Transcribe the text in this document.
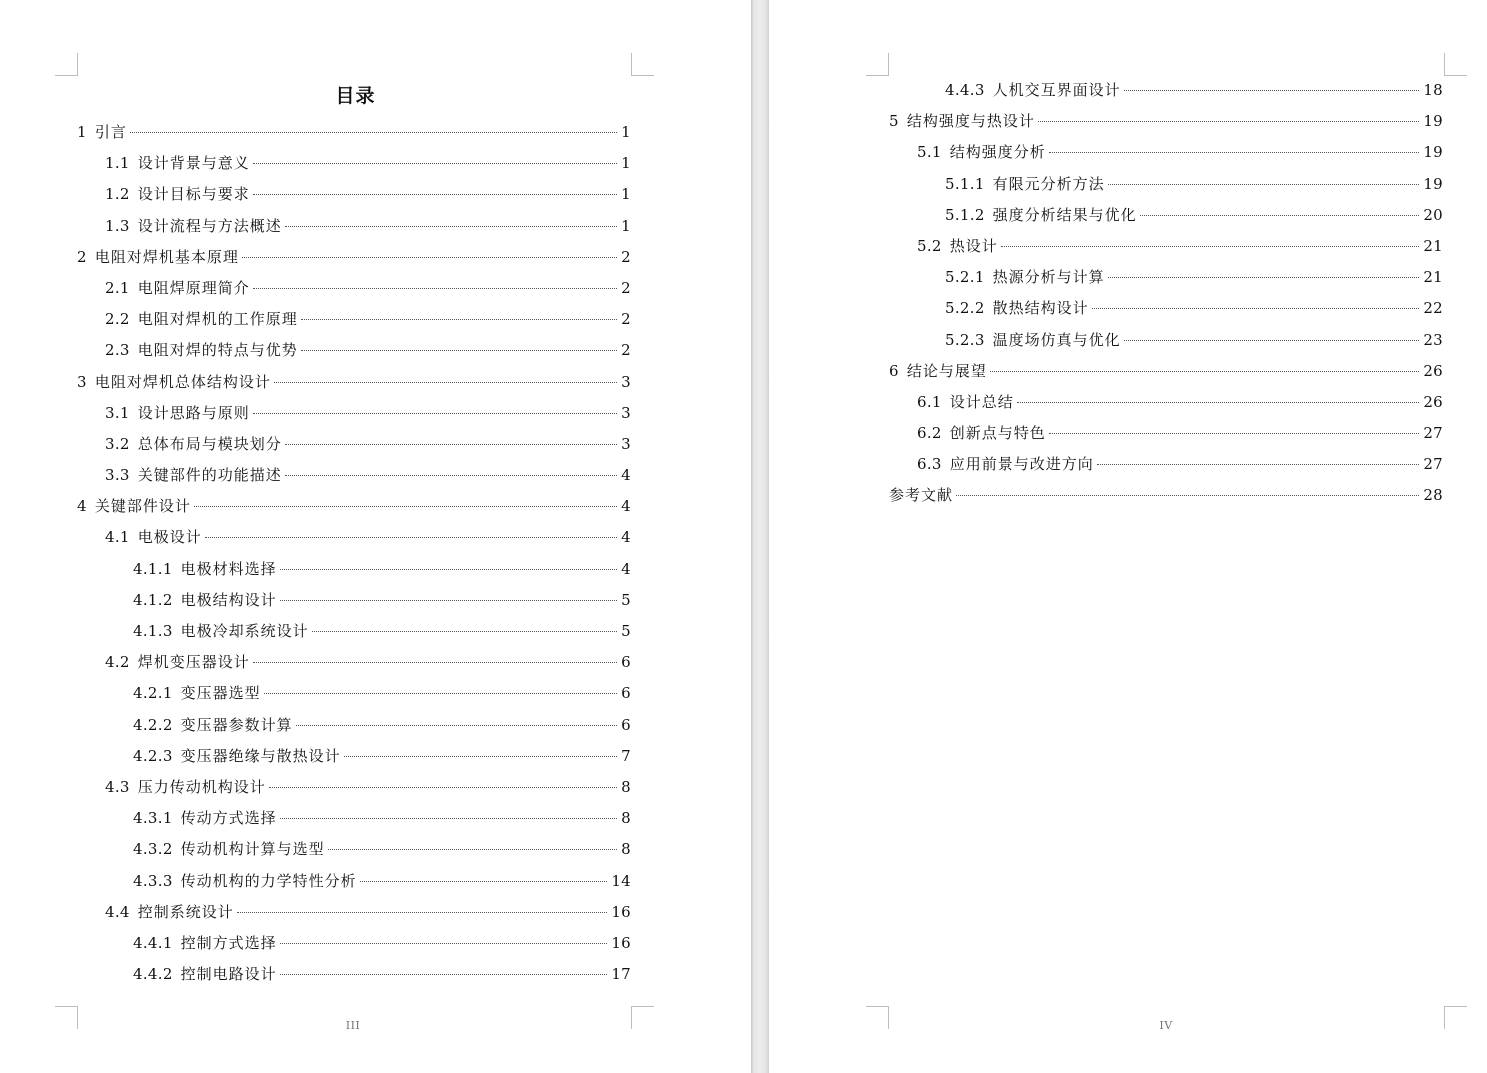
目录
1 引言	1
1.1 设计背景与意义	1
1.2 设计目标与要求	1
1.3 设计流程与方法概述	1
2 电阻对焊机基本原理	2
2.1 电阻焊原理简介	2
2.2 电阻对焊机的工作原理	2
2.3 电阻对焊的特点与优势	2
3 电阻对焊机总体结构设计	3
3.1 设计思路与原则	3
3.2 总体布局与模块划分	3
3.3 关键部件的功能描述	4
4 关键部件设计	4
4.1 电极设计	4
4.1.1 电极材料选择	4
4.1.2 电极结构设计	5
4.1.3 电极冷却系统设计	5
4.2 焊机变压器设计	6
4.2.1 变压器选型	6
4.2.2 变压器参数计算	6
4.2.3 变压器绝缘与散热设计	7
4.3 压力传动机构设计	8
4.3.1 传动方式选择	8
4.3.2 传动机构计算与选型	8
4.3.3 传动机构的力学特性分析	14
4.4 控制系统设计	16
4.4.1 控制方式选择	16
4.4.2 控制电路设计	17
III
4.4.3 人机交互界面设计	18
5 结构强度与热设计	19
5.1 结构强度分析	19
5.1.1 有限元分析方法	19
5.1.2 强度分析结果与优化	20
5.2 热设计	21
5.2.1 热源分析与计算	21
5.2.2 散热结构设计	22
5.2.3 温度场仿真与优化	23
6 结论与展望	26
6.1 设计总结	26
6.2 创新点与特色	27
6.3 应用前景与改进方向	27
参考文献	28
IV
